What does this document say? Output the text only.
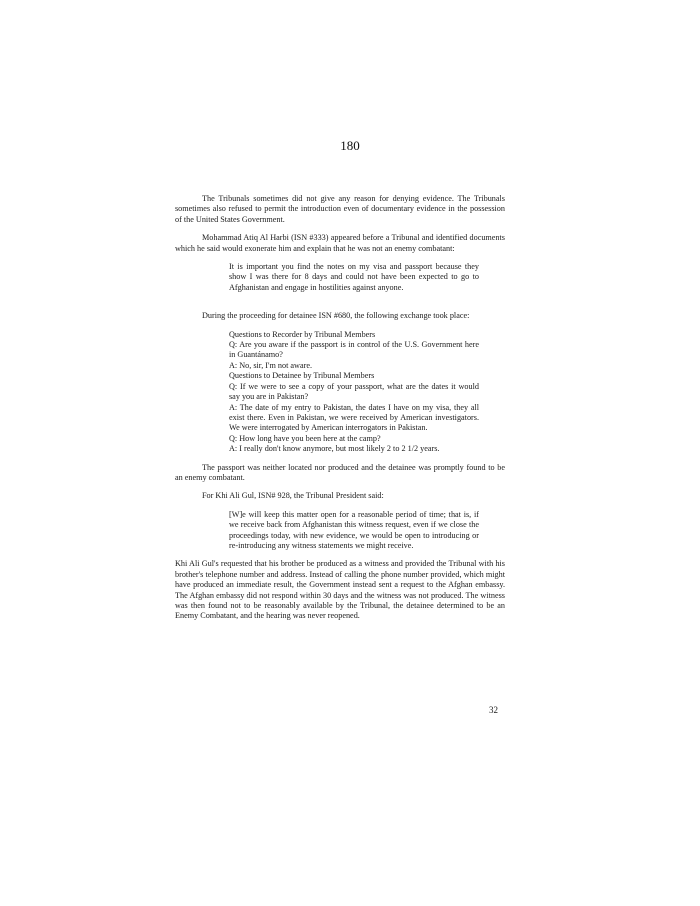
180

The Tribunals sometimes did not give any reason for denying evidence. The Tribunals sometimes also refused to permit the introduction even of documentary evidence in the possession of the United States Government.

Mohammad Atiq Al Harbi (ISN #333) appeared before a Tribunal and identified documents which he said would exonerate him and explain that he was not an enemy combatant:

It is important you find the notes on my visa and passport because they show I was there for 8 days and could not have been expected to go to Afghanistan and engage in hostilities against anyone.

During the proceeding for detainee ISN #680, the following exchange took place:

Questions to Recorder by Tribunal Members
Q: Are you aware if the passport is in control of the U.S. Government here in Guantánamo?
A: No, sir, I'm not aware.
Questions to Detainee by Tribunal Members
Q: If we were to see a copy of your passport, what are the dates it would say you are in Pakistan?
A: The date of my entry to Pakistan, the dates I have on my visa, they all exist there. Even in Pakistan, we were received by American investigators. We were interrogated by American interrogators in Pakistan.
Q: How long have you been here at the camp?
A: I really don't know anymore, but most likely 2 to 2 1/2 years.

The passport was neither located nor produced and the detainee was promptly found to be an enemy combatant.

For Khi Ali Gul, ISN# 928, the Tribunal President said:

[W]e will keep this matter open for a reasonable period of time; that is, if we receive back from Afghanistan this witness request, even if we close the proceedings today, with new evidence, we would be open to introducing or re-introducing any witness statements we might receive.

Khi Ali Gul's requested that his brother be produced as a witness and provided the Tribunal with his brother's telephone number and address. Instead of calling the phone number provided, which might have produced an immediate result, the Government instead sent a request to the Afghan embassy. The Afghan embassy did not respond within 30 days and the witness was not produced. The witness was then found not to be reasonably available by the Tribunal, the detainee determined to be an Enemy Combatant, and the hearing was never reopened.

32
